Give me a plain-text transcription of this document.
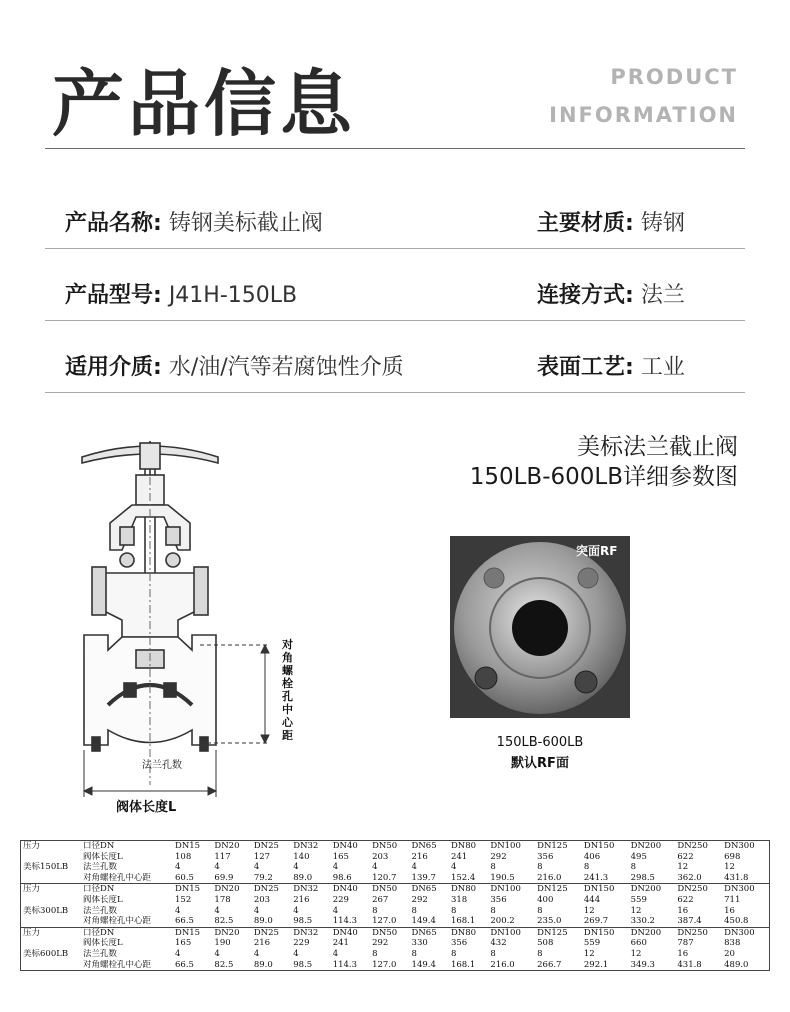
产品信息	PRODUCT
INFORMATION
产品名称: 铸钢美标截止阀	主要材质: 铸钢
产品型号: J41H-150LB	连接方式: 法兰
适用介质: 水/油/汽等若腐蚀性介质	表面工艺: 工业
美标法兰截止阀
150LB-600LB详细参数图
对角螺栓孔中心距
法兰孔数
阀体长度L
突面RF
150LB-600LB
默认RF面
压力	口径DN	DN15	DN20	DN25	DN32	DN40	DN50	DN65	DN80	DN100	DN125	DN150	DN200	DN250	DN300
	阀体长度L	108	117	127	140	165	203	216	241	292	356	406	495	622	698
美标150LB	法兰孔数	4	4	4	4	4	4	4	4	8	8	8	8	12	12
	对角螺栓孔中心距	60.5	69.9	79.2	89.0	98.6	120.7	139.7	152.4	190.5	216.0	241.3	298.5	362.0	431.8
压力	口径DN	DN15	DN20	DN25	DN32	DN40	DN50	DN65	DN80	DN100	DN125	DN150	DN200	DN250	DN300
	阀体长度L	152	178	203	216	229	267	292	318	356	400	444	559	622	711
美标300LB	法兰孔数	4	4	4	4	4	8	8	8	8	8	12	12	16	16
	对角螺栓孔中心距	66.5	82.5	89.0	98.5	114.3	127.0	149.4	168.1	200.2	235.0	269.7	330.2	387.4	450.8
压力	口径DN	DN15	DN20	DN25	DN32	DN40	DN50	DN65	DN80	DN100	DN125	DN150	DN200	DN250	DN300
	阀体长度L	165	190	216	229	241	292	330	356	432	508	559	660	787	838
美标600LB	法兰孔数	4	4	4	4	4	8	8	8	8	8	12	12	16	20
	对角螺栓孔中心距	66.5	82.5	89.0	98.5	114.3	127.0	149.4	168.1	216.0	266.7	292.1	349.3	431.8	489.0
